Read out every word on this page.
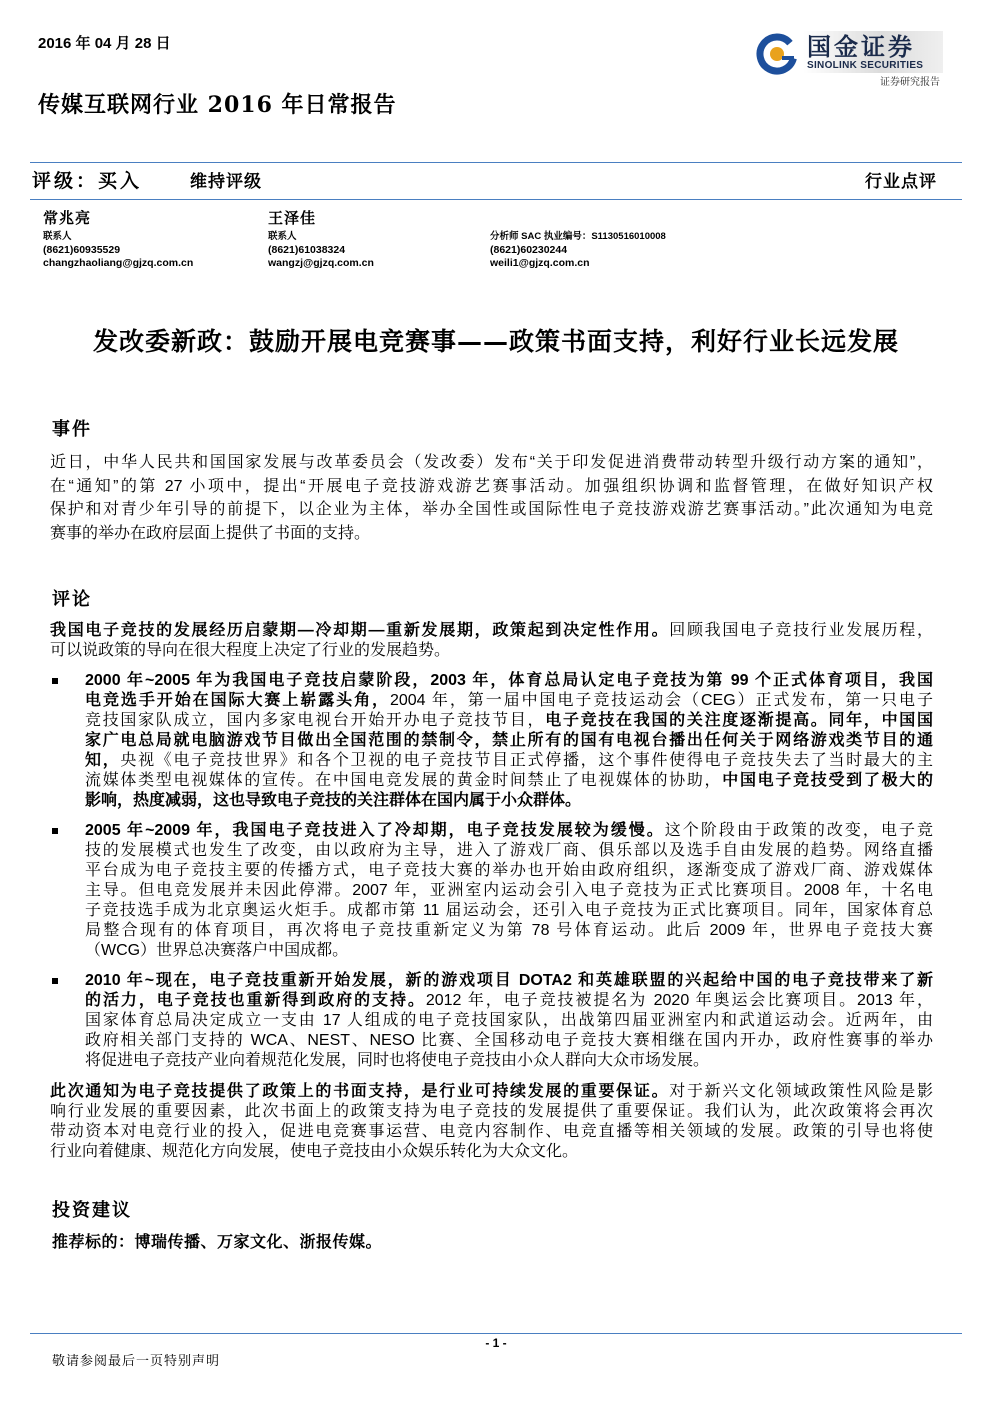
2016 年 04 月 28 日	国金证券
SINOLINK SECURITIES
证券研究报告
传媒互联网行业 2016 年日常报告
评级：买入	维持评级	行业点评
常兆亮
联系人
(8621)60935529
changzhaoliang@gjzq.com.cn
王泽佳
联系人
(8621)61038324
wangzj@gjzq.com.cn
分析师 SAC 执业编号：S1130516010008
(8621)60230244
weili1@gjzq.com.cn
发改委新政：鼓励开展电竞赛事——政策书面支持，利好行业长远发展
事件
近日，中华人民共和国国家发展与改革委员会（发改委）发布“关于印发促进消费带动转型升级行动方案的通知”，
在“通知”的第 27 小项中，提出“开展电子竞技游戏游艺赛事活动。加强组织协调和监督管理，在做好知识产权
保护和对青少年引导的前提下，以企业为主体，举办全国性或国际性电子竞技游戏游艺赛事活动。”此次通知为电竞
赛事的举办在政府层面上提供了书面的支持。
评论
我国电子竞技的发展经历启蒙期—冷却期—重新发展期，政策起到决定性作用。回顾我国电子竞技行业发展历程，
可以说政策的导向在很大程度上决定了行业的发展趋势。
2000 年~2005 年为我国电子竞技启蒙阶段，2003 年，体育总局认定电子竞技为第 99 个正式体育项目，我国
电竞选手开始在国际大赛上崭露头角，2004 年，第一届中国电子竞技运动会（CEG）正式发布，第一只电子
竞技国家队成立，国内多家电视台开始开办电子竞技节目，电子竞技在我国的关注度逐渐提高。同年，中国国
家广电总局就电脑游戏节目做出全国范围的禁制令，禁止所有的国有电视台播出任何关于网络游戏类节目的通
知，央视《电子竞技世界》和各个卫视的电子竞技节目正式停播，这个事件使得电子竞技失去了当时最大的主
流媒体类型电视媒体的宣传。在中国电竞发展的黄金时间禁止了电视媒体的协助，中国电子竞技受到了极大的
影响，热度减弱，这也导致电子竞技的关注群体在国内属于小众群体。
2005 年~2009 年，我国电子竞技进入了冷却期，电子竞技发展较为缓慢。这个阶段由于政策的改变，电子竞
技的发展模式也发生了改变，由以政府为主导，进入了游戏厂商、俱乐部以及选手自由发展的趋势。网络直播
平台成为电子竞技主要的传播方式，电子竞技大赛的举办也开始由政府组织，逐渐变成了游戏厂商、游戏媒体
主导。但电竞发展并未因此停滞。2007 年，亚洲室内运动会引入电子竞技为正式比赛项目。2008 年，十名电
子竞技选手成为北京奥运火炬手。成都市第 11 届运动会，还引入电子竞技为正式比赛项目。同年，国家体育总
局整合现有的体育项目，再次将电子竞技重新定义为第 78 号体育运动。此后 2009 年，世界电子竞技大赛
（WCG）世界总决赛落户中国成都。
2010 年~现在，电子竞技重新开始发展，新的游戏项目 DOTA2 和英雄联盟的兴起给中国的电子竞技带来了新
的活力，电子竞技也重新得到政府的支持。2012 年，电子竞技被提名为 2020 年奥运会比赛项目。2013 年，
国家体育总局决定成立一支由 17 人组成的电子竞技国家队，出战第四届亚洲室内和武道运动会。近两年，由
政府相关部门支持的 WCA、NEST、NESO 比赛、全国移动电子竞技大赛相继在国内开办，政府性赛事的举办
将促进电子竞技产业向着规范化发展，同时也将使电子竞技由小众人群向大众市场发展。
此次通知为电子竞技提供了政策上的书面支持，是行业可持续发展的重要保证。对于新兴文化领域政策性风险是影
响行业发展的重要因素，此次书面上的政策支持为电子竞技的发展提供了重要保证。我们认为，此次政策将会再次
带动资本对电竞行业的投入，促进电竞赛事运营、电竞内容制作、电竞直播等相关领域的发展。政策的引导也将使
行业向着健康、规范化方向发展，使电子竞技由小众娱乐转化为大众文化。
投资建议
推荐标的：博瑞传播、万家文化、浙报传媒。
- 1 -
敬请参阅最后一页特别声明
